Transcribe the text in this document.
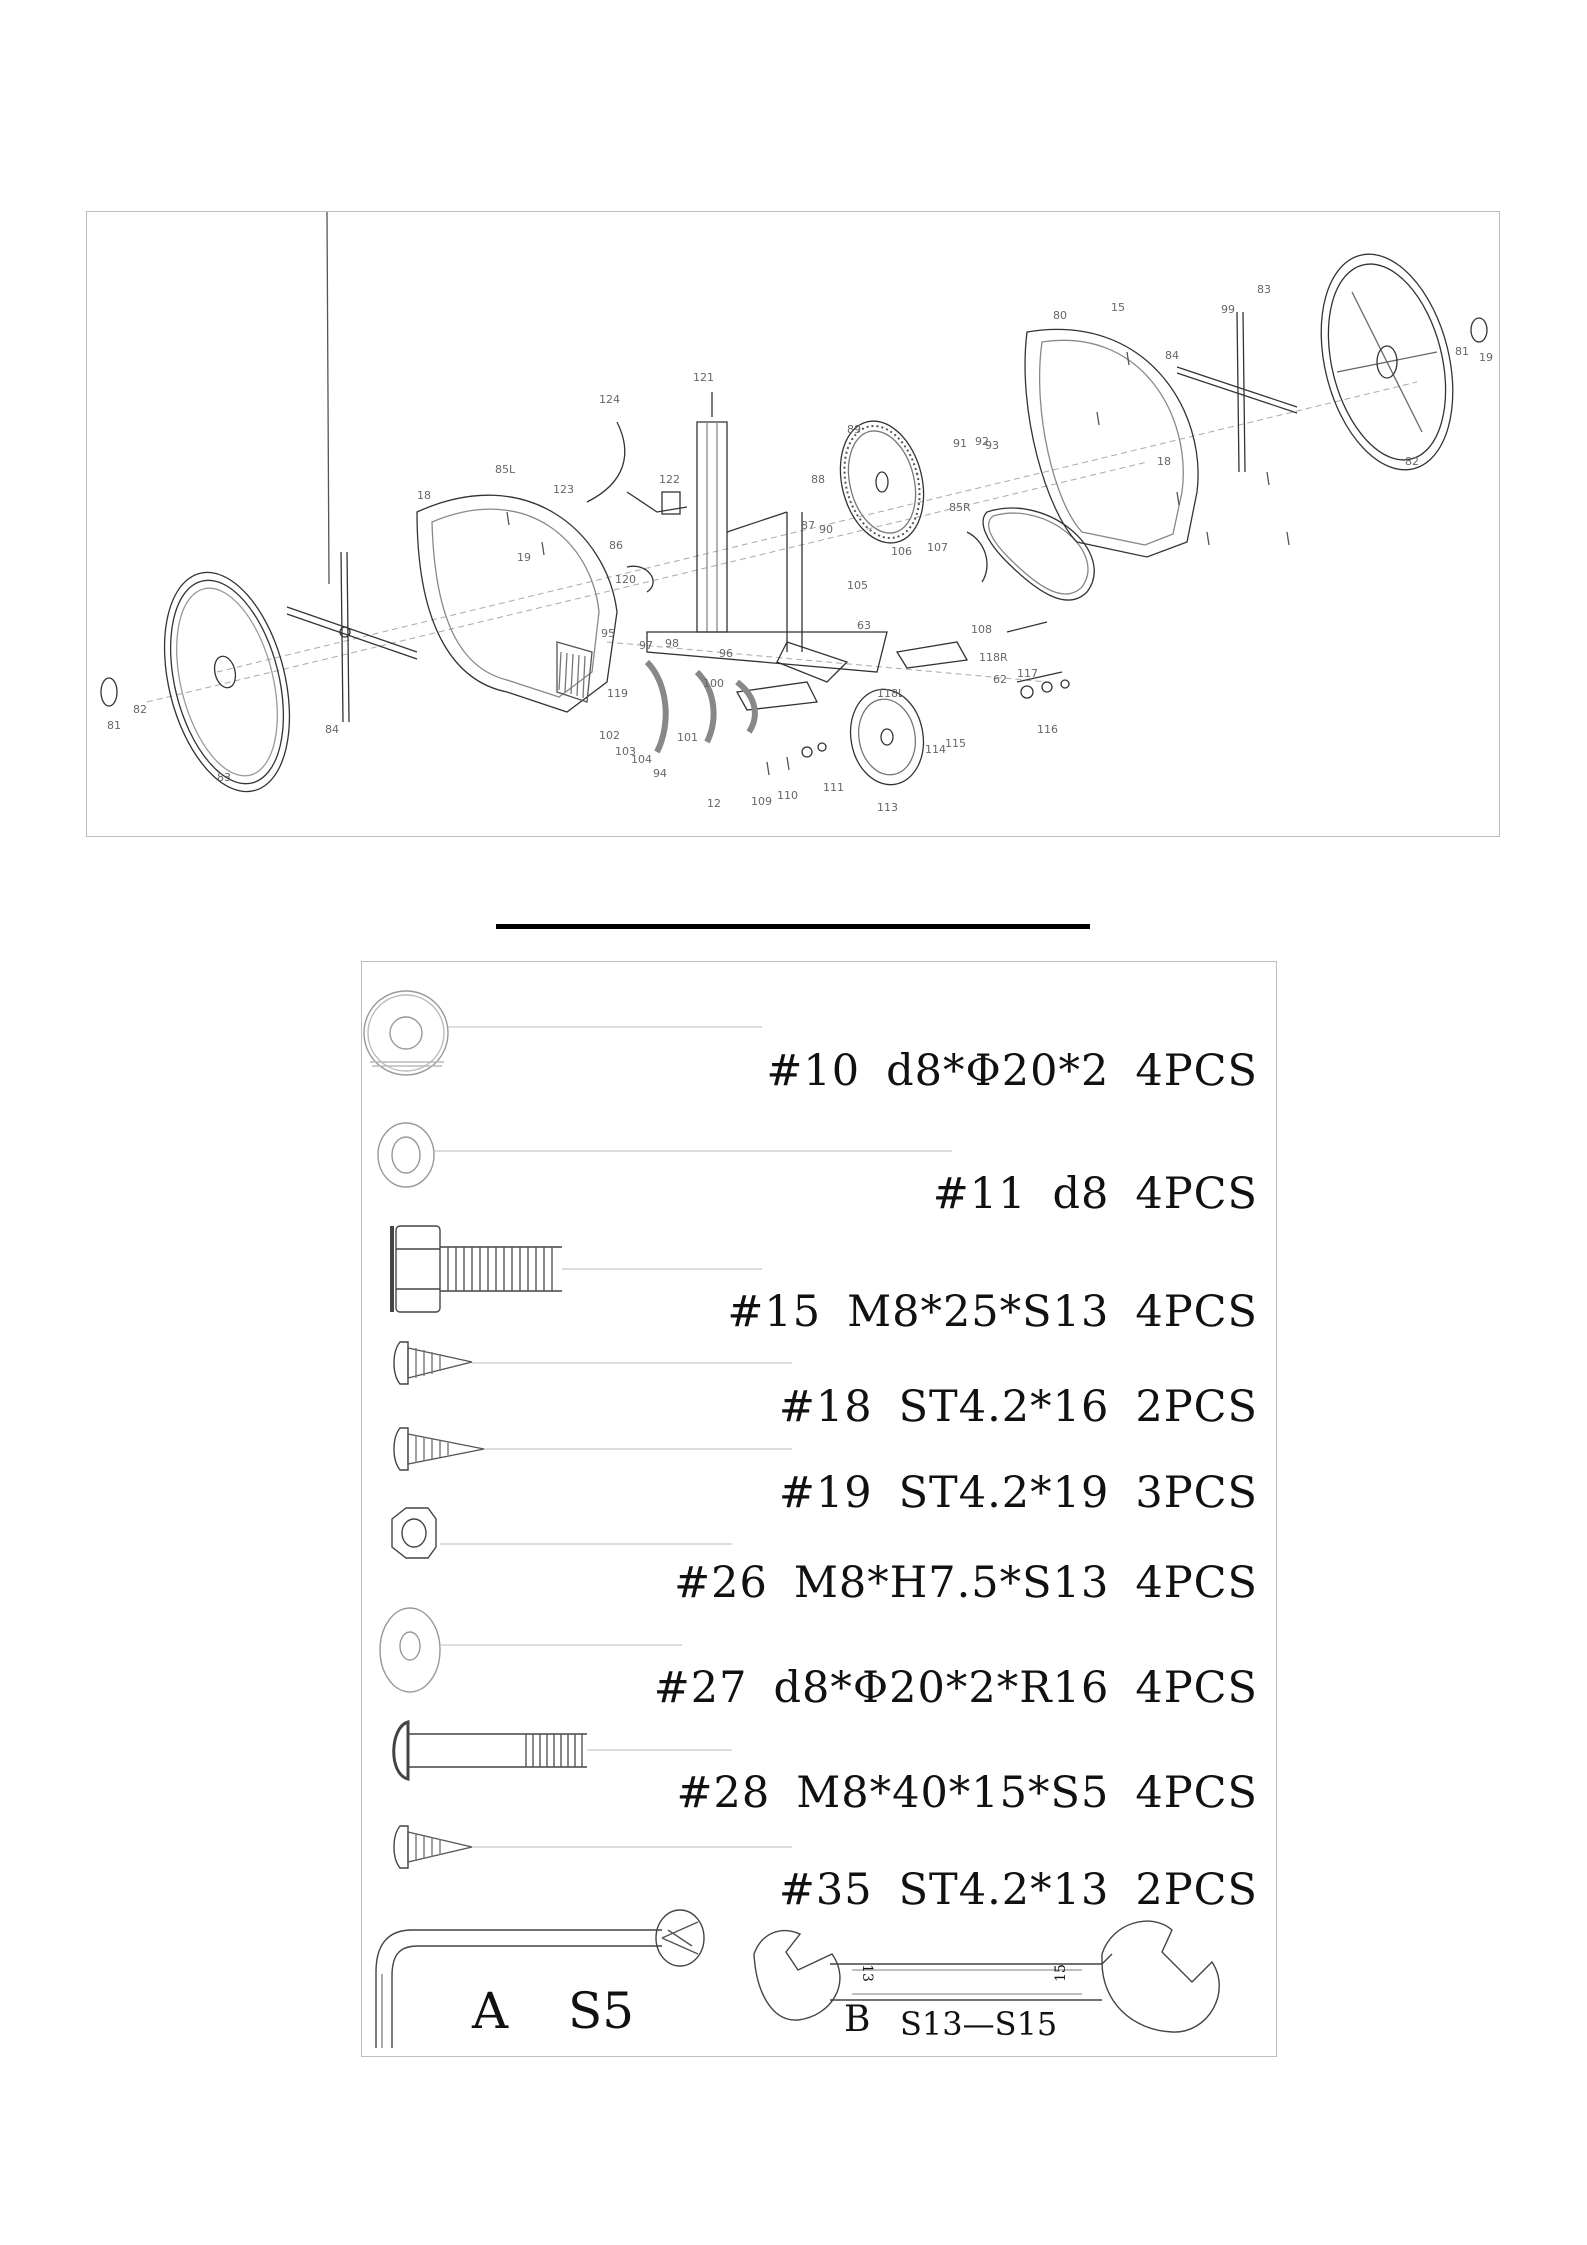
121
124
122
123
18
85L
86
120
19
84
83
81
82
111
109
12
110
113
114 115
116
117
118R
118L
62
63
105
106 107
108
89
88
87 90
91 92
93
85R
80
84
83
82
81 19
18
15	99
100
101
102
103
104
94
95
96
97 98
119

#10 d8*Φ20*2 4PCS

#11 d8 4PCS

#15 M8*25*S13 4PCS

#18 ST4.2*16 2PCS

#19 ST4.2*19 3PCS

#26 M8*H7.5*S13 4PCS

#27 d8*Φ20*2*R16 4PCS

#28 M8*40*15*S5 4PCS

#35 ST4.2*13 2PCS

A S5	B S13—S15
13	15
